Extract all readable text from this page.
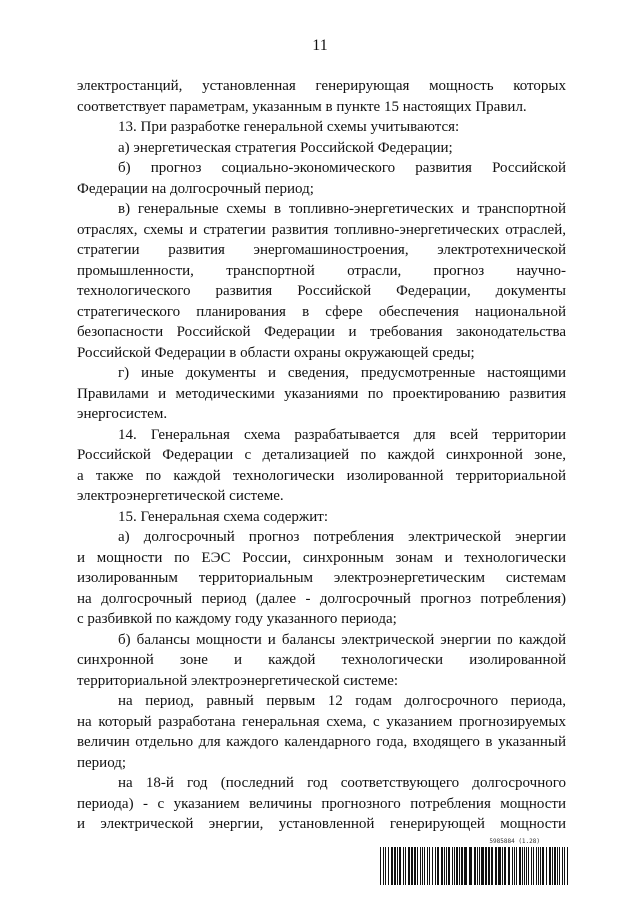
11
электростанций, установленная генерирующая мощность которых
соответствует параметрам, указанным в пункте 15 настоящих Правил.
13. При разработке генеральной схемы учитываются:
а) энергетическая стратегия Российской Федерации;
б) прогноз социально-экономического развития Российской
Федерации на долгосрочный период;
в) генеральные схемы в топливно-энергетических и транспортной
отраслях, схемы и стратегии развития топливно-энергетических отраслей,
стратегии развития энергомашиностроения, электротехнической
промышленности, транспортной отрасли, прогноз научно-
технологического развития Российской Федерации, документы
стратегического планирования в сфере обеспечения национальной
безопасности Российской Федерации и требования законодательства
Российской Федерации в области охраны окружающей среды;
г) иные документы и сведения, предусмотренные настоящими
Правилами и методическими указаниями по проектированию развития
энергосистем.
14. Генеральная схема разрабатывается для всей территории
Российской Федерации с детализацией по каждой синхронной зоне,
а также по каждой технологически изолированной территориальной
электроэнергетической системе.
15. Генеральная схема содержит:
а) долгосрочный прогноз потребления электрической энергии
и мощности по ЕЭС России, синхронным зонам и технологически
изолированным территориальным электроэнергетическим системам
на долгосрочный период (далее - долгосрочный прогноз потребления)
с разбивкой по каждому году указанного периода;
б) балансы мощности и балансы электрической энергии по каждой
синхронной зоне и каждой технологически изолированной
территориальной электроэнергетической системе:
на период, равный первым 12 годам долгосрочного периода,
на который разработана генеральная схема, с указанием прогнозируемых
величин отдельно для каждого календарного года, входящего в указанный
период;
на 18-й год (последний год соответствующего долгосрочного
периода) - с указанием величины прогнозного потребления мощности
и электрической энергии, установленной генерирующей мощности
5985884 (1.28)
